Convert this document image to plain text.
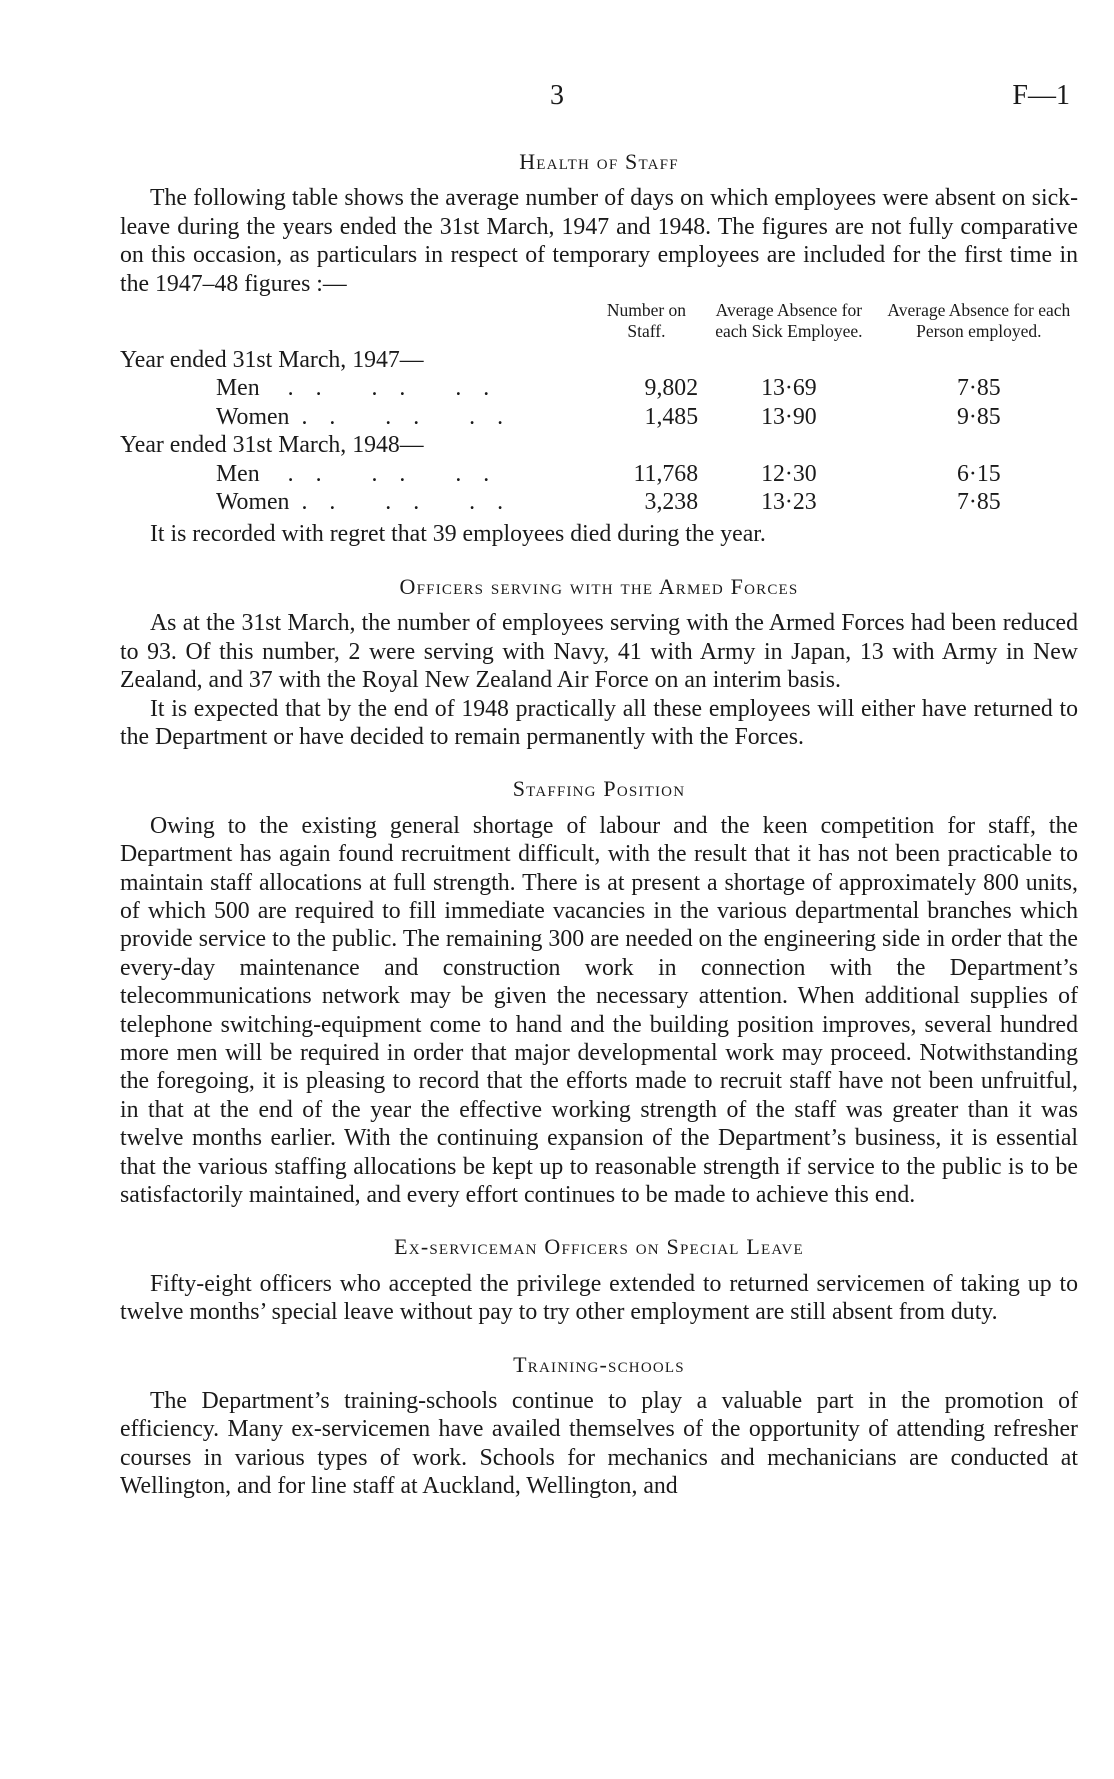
3	F—1
Health of Staff

The following table shows the average number of days on which employees were absent on sick-leave during the years ended the 31st March, 1947 and 1948. The figures are not fully comparative on this occasion, as particulars in respect of temporary employees are included for the first time in the 1947–48 figures :—

	Number on Staff.	Average Absence for each Sick Employee.	Average Absence for each Person employed.
Year ended 31st March, 1947—			
Men .. .. ..	9,802	13·69	7·85
Women .. .. ..	1,485	13·90	9·85
Year ended 31st March, 1948—			
Men .. .. ..	11,768	12·30	6·15
Women .. .. ..	3,238	13·23	7·85

It is recorded with regret that 39 employees died during the year.

Officers serving with the Armed Forces

As at the 31st March, the number of employees serving with the Armed Forces had been reduced to 93. Of this number, 2 were serving with Navy, 41 with Army in Japan, 13 with Army in New Zealand, and 37 with the Royal New Zealand Air Force on an interim basis.

It is expected that by the end of 1948 practically all these employees will either have returned to the Department or have decided to remain permanently with the Forces.

Staffing Position

Owing to the existing general shortage of labour and the keen competition for staff, the Department has again found recruitment difficult, with the result that it has not been practicable to maintain staff allocations at full strength. There is at present a shortage of approximately 800 units, of which 500 are required to fill immediate vacancies in the various departmental branches which provide service to the public. The remaining 300 are needed on the engineering side in order that the every-day maintenance and construction work in connection with the Department’s telecommunications network may be given the necessary attention. When additional supplies of telephone switching-equipment come to hand and the building position improves, several hundred more men will be required in order that major developmental work may proceed. Notwithstanding the foregoing, it is pleasing to record that the efforts made to recruit staff have not been unfruitful, in that at the end of the year the effective working strength of the staff was greater than it was twelve months earlier. With the continuing expansion of the Department’s business, it is essential that the various staffing allocations be kept up to reasonable strength if service to the public is to be satisfactorily maintained, and every effort continues to be made to achieve this end.

Ex-serviceman Officers on Special Leave

Fifty-eight officers who accepted the privilege extended to returned servicemen of taking up to twelve months’ special leave without pay to try other employment are still absent from duty.

Training-schools

The Department’s training-schools continue to play a valuable part in the promotion of efficiency. Many ex-servicemen have availed themselves of the opportunity of attending refresher courses in various types of work. Schools for mechanics and mechanicians are conducted at Wellington, and for line staff at Auckland, Wellington, and
